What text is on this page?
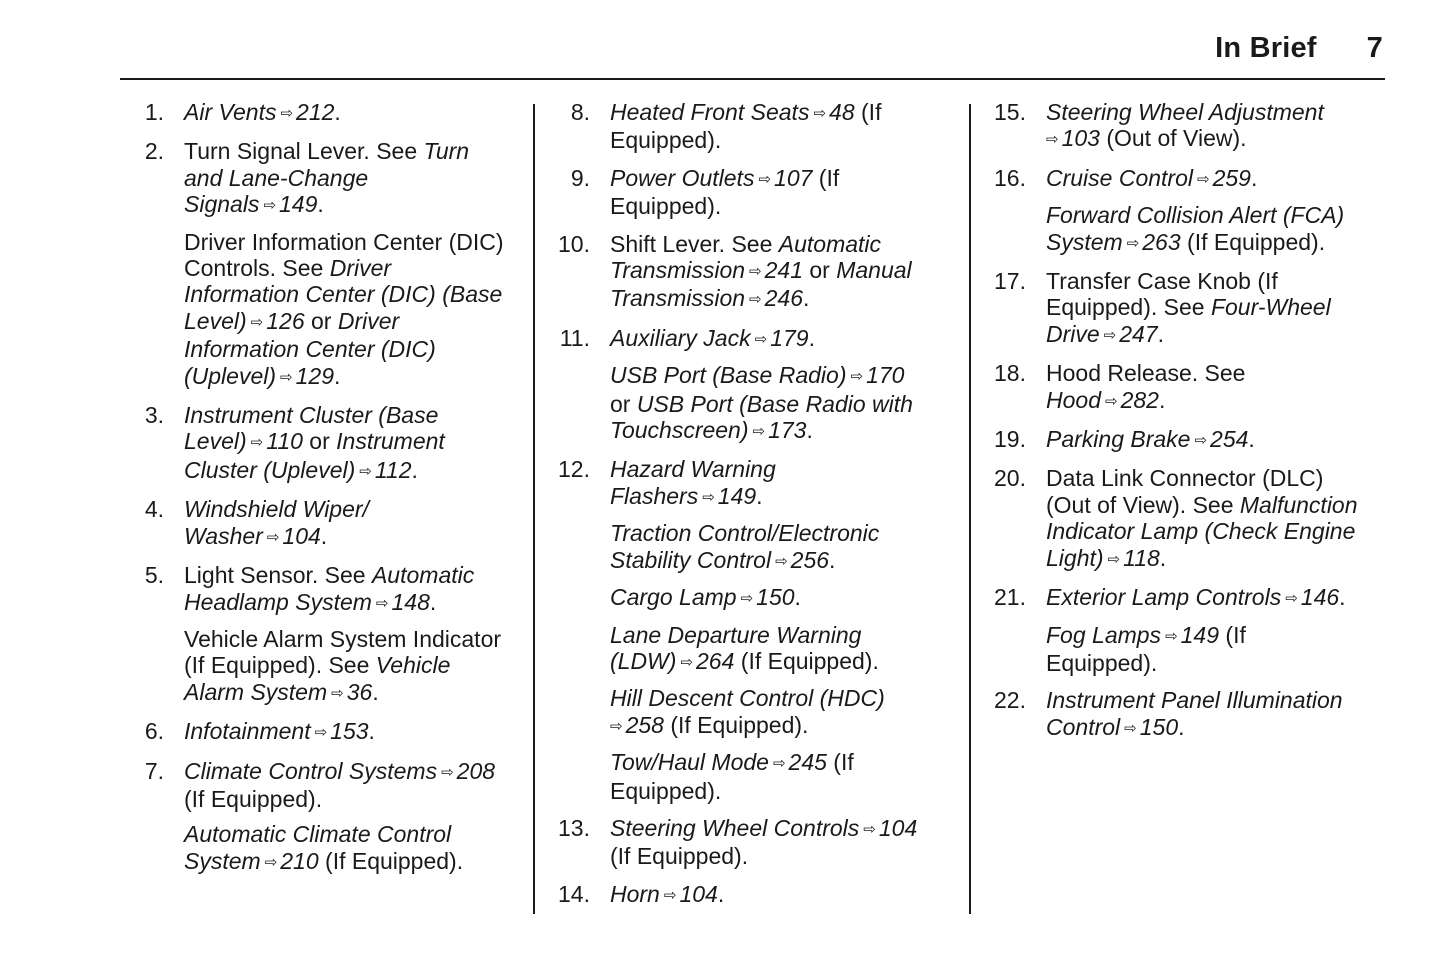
In Brief 7
1. Air Vents ⇨ 212.
2. Turn Signal Lever. See Turn
and Lane-Change
Signals ⇨ 149.
Driver Information Center (DIC)
Controls. See Driver
Information Center (DIC) (Base
Level) ⇨ 126 or Driver
Information Center (DIC)
(Uplevel) ⇨ 129.
3. Instrument Cluster (Base
Level) ⇨ 110 or Instrument
Cluster (Uplevel) ⇨ 112.
4. Windshield Wiper/
Washer ⇨ 104.
5. Light Sensor. See Automatic
Headlamp System ⇨ 148.
Vehicle Alarm System Indicator
(If Equipped). See Vehicle
Alarm System ⇨ 36.
6. Infotainment ⇨ 153.
7. Climate Control Systems ⇨ 208
(If Equipped).
Automatic Climate Control
System ⇨ 210 (If Equipped).
8. Heated Front Seats ⇨ 48 (If
Equipped).
9. Power Outlets ⇨ 107 (If
Equipped).
10. Shift Lever. See Automatic
Transmission ⇨ 241 or Manual
Transmission ⇨ 246.
11. Auxiliary Jack ⇨ 179.
USB Port (Base Radio) ⇨ 170
or USB Port (Base Radio with
Touchscreen) ⇨ 173.
12. Hazard Warning
Flashers ⇨ 149.
Traction Control/Electronic
Stability Control ⇨ 256.
Cargo Lamp ⇨ 150.
Lane Departure Warning
(LDW) ⇨ 264 (If Equipped).
Hill Descent Control (HDC)
⇨ 258 (If Equipped).
Tow/Haul Mode ⇨ 245 (If
Equipped).
13. Steering Wheel Controls ⇨ 104
(If Equipped).
14. Horn ⇨ 104.
15. Steering Wheel Adjustment
⇨ 103 (Out of View).
16. Cruise Control ⇨ 259.
Forward Collision Alert (FCA)
System ⇨ 263 (If Equipped).
17. Transfer Case Knob (If
Equipped). See Four-Wheel
Drive ⇨ 247.
18. Hood Release. See
Hood ⇨ 282.
19. Parking Brake ⇨ 254.
20. Data Link Connector (DLC)
(Out of View). See Malfunction
Indicator Lamp (Check Engine
Light) ⇨ 118.
21. Exterior Lamp Controls ⇨ 146.
Fog Lamps ⇨ 149 (If
Equipped).
22. Instrument Panel Illumination
Control ⇨ 150.
